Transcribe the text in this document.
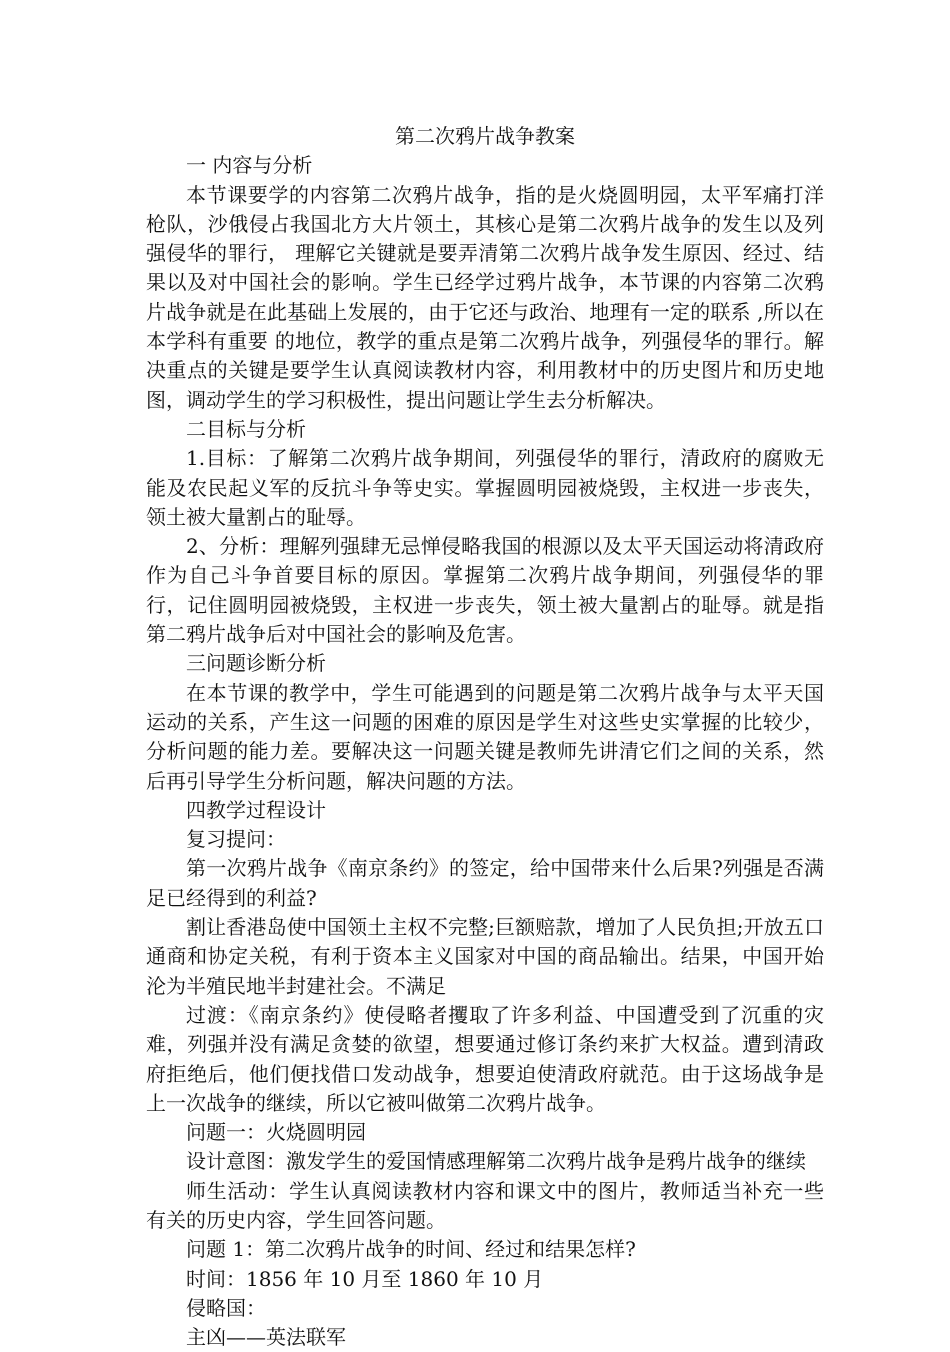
第二次鸦片战争教案

一 内容与分析

本节课要学的内容第二次鸦片战争，指的是火烧圆明园，太平军痛打洋枪队，沙俄侵占我国北方大片领土，其核心是第二次鸦片战争的发生以及列强侵华的罪行， 理解它关键就是要弄清第二次鸦片战争发生原因、经过、结果以及对中国社会的影响。学生已经学过鸦片战争，本节课的内容第二次鸦片战争就是在此基础上发展的，由于它还与政治、地理有一定的联系 ,所以在本学科有重要 的地位，教学的重点是第二次鸦片战争，列强侵华的罪行。解决重点的关键是要学生认真阅读教材内容，利用教材中的历史图片和历史地图，调动学生的学习积极性，提出问题让学生去分析解决。

二目标与分析

1.目标：了解第二次鸦片战争期间，列强侵华的罪行，清政府的腐败无能及农民起义军的反抗斗争等史实。掌握圆明园被烧毁，主权进一步丧失，领土被大量割占的耻辱。

2、分析：理解列强肆无忌惮侵略我国的根源以及太平天国运动将清政府作为自己斗争首要目标的原因。掌握第二次鸦片战争期间，列强侵华的罪行，记住圆明园被烧毁，主权进一步丧失，领土被大量割占的耻辱。就是指第二鸦片战争后对中国社会的影响及危害。

三问题诊断分析

在本节课的教学中，学生可能遇到的问题是第二次鸦片战争与太平天国运动的关系，产生这一问题的困难的原因是学生对这些史实掌握的比较少，分析问题的能力差。要解决这一问题关键是教师先讲清它们之间的关系，然后再引导学生分析问题，解决问题的方法。

四教学过程设计

复习提问：

第一次鸦片战争《南京条约》的签定，给中国带来什么后果?列强是否满足已经得到的利益?

割让香港岛使中国领土主权不完整;巨额赔款，增加了人民负担;开放五口通商和协定关税，有利于资本主义国家对中国的商品输出。结果，中国开始沦为半殖民地半封建社会。不满足

过渡：《南京条约》使侵略者攫取了许多利益、中国遭受到了沉重的灾难，列强并没有满足贪婪的欲望，想要通过修订条约来扩大权益。遭到清政府拒绝后，他们便找借口发动战争，想要迫使清政府就范。由于这场战争是上一次战争的继续，所以它被叫做第二次鸦片战争。

问题一：火烧圆明园

设计意图：激发学生的爱国情感理解第二次鸦片战争是鸦片战争的继续

师生活动：学生认真阅读教材内容和课文中的图片，教师适当补充一些有关的历史内容，学生回答问题。

问题 1：第二次鸦片战争的时间、经过和结果怎样?

时间：1856 年 10 月至 1860 年 10 月

侵略国：

主凶——英法联军
